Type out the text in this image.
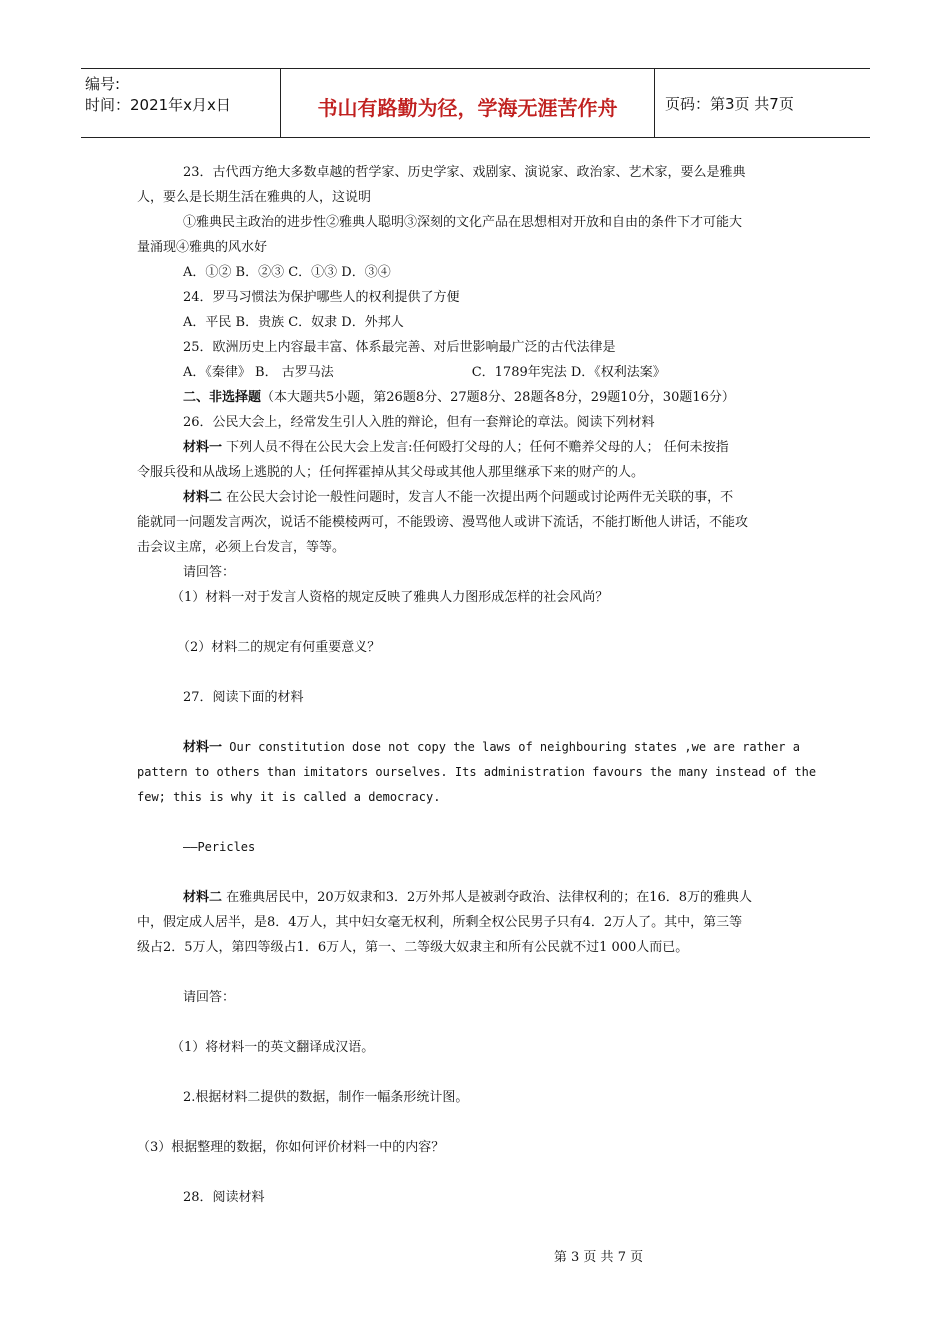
编号:
时间：2021年x月x日	书山有路勤为径，学海无涯苦作舟	页码：第3页 共7页

23．古代西方绝大多数卓越的哲学家、历史学家、戏剧家、演说家、政治家、艺术家，要么是雅典

人，要么是长期生活在雅典的人，这说明

①雅典民主政治的进步性②雅典人聪明③深刻的文化产品在思想相对开放和自由的条件下才可能大

量涌现④雅典的风水好

A．①② B．②③ C．①③ D．③④

24．罗马习惯法为保护哪些人的权利提供了方便

A．平民 B．贵族 C．奴隶 D．外邦人

25．欧洲历史上内容最丰富、体系最完善、对后世影响最广泛的古代法律是

A．《秦律》 B． 古罗马法	C．1789年宪法 D．《权利法案》

二、非选择题（本大题共5小题，第26题8分、27题8分、28题各8分，29题10分，30题16分）

26．公民大会上，经常发生引人入胜的辩论，但有一套辩论的章法。阅读下列材料

材料一 下列人员不得在公民大会上发言:任何殴打父母的人；任何不赡养父母的人； 任何未按指

令服兵役和从战场上逃脱的人；任何挥霍掉从其父母或其他人那里继承下来的财产的人。

材料二 在公民大会讨论一般性问题时，发言人不能一次提出两个问题或讨论两件无关联的事，不

能就同一问题发言两次，说话不能模棱两可，不能毁谤、漫骂他人或讲下流话，不能打断他人讲话，不能攻

击会议主席，必须上台发言，等等。

请回答：

（1）材料一对于发言人资格的规定反映了雅典人力图形成怎样的社会风尚？

（2）材料二的规定有何重要意义？

27．阅读下面的材料

材料一 Our constitution dose not copy the laws of neighbouring states ,we are rather a

pattern to others than imitators ourselves. Its administration favours the many instead of the

few; this is why it is called a democracy.

——Pericles

材料二 在雅典居民中，20万奴隶和3．2万外邦人是被剥夺政治、法律权利的；在16．8万的雅典人

中，假定成人居半，是8．4万人，其中妇女毫无权利，所剩全权公民男子只有4．2万人了。其中，第三等

级占2．5万人，第四等级占1．6万人，第一、二等级大奴隶主和所有公民就不过1 000人而已。

请回答：

（1）将材料一的英文翻译成汉语。

2.根据材料二提供的数据，制作一幅条形统计图。

（3）根据整理的数据，你如何评价材料一中的内容？

28．阅读材料

第 3 页 共 7 页
